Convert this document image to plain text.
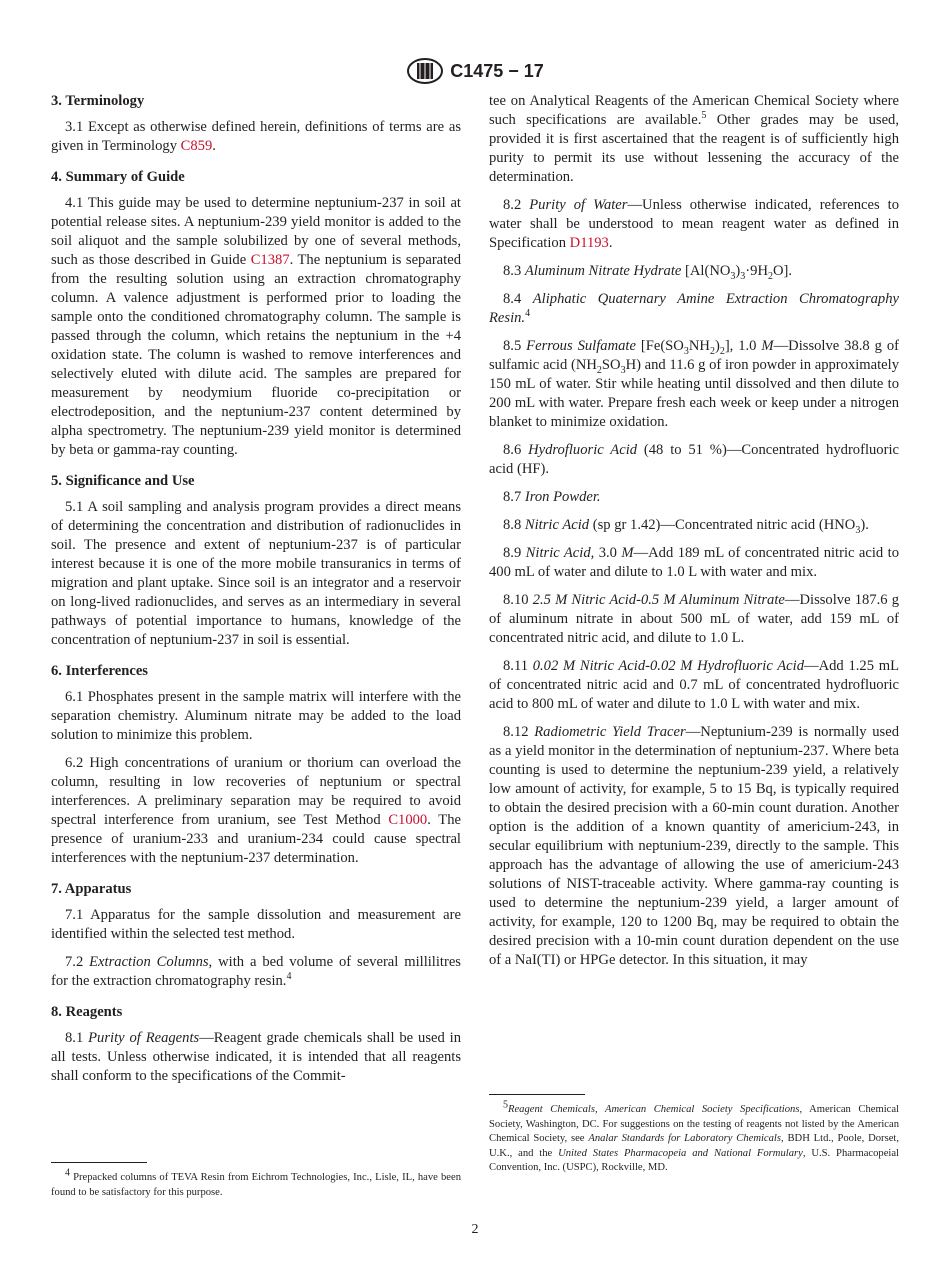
C1475 − 17
3. Terminology

3.1 Except as otherwise defined herein, definitions of terms are as given in Terminology C859.

4. Summary of Guide

4.1 This guide may be used to determine neptunium-237 in soil at potential release sites. A neptunium-239 yield monitor is added to the soil aliquot and the sample solubilized by one of several methods, such as those described in Guide C1387. The neptunium is separated from the resulting solution using an extraction chromatography column. A valence adjustment is performed prior to loading the sample onto the conditioned chromatography column. The sample is passed through the column, which retains the neptunium in the +4 oxidation state. The column is washed to remove interferences and selectively eluted with dilute acid. The samples are prepared for measurement by neodymium fluoride co-precipitation or electrodeposition, and the neptunium-237 content determined by alpha spectrometry. The neptunium-239 yield monitor is determined by beta or gamma-ray counting.

5. Significance and Use

5.1 A soil sampling and analysis program provides a direct means of determining the concentration and distribution of radionuclides in soil. The presence and extent of neptunium-237 is of particular interest because it is one of the more mobile transuranics in terms of migration and plant uptake. Since soil is an integrator and a reservoir on long-lived radionuclides, and serves as an intermediary in several pathways of potential importance to humans, knowledge of the concentration of neptunium-237 in soil is essential.

6. Interferences

6.1 Phosphates present in the sample matrix will interfere with the separation chemistry. Aluminum nitrate may be added to the load solution to minimize this problem.

6.2 High concentrations of uranium or thorium can overload the column, resulting in low recoveries of neptunium or spectral interferences. A preliminary separation may be required to avoid spectral interference from uranium, see Test Method C1000. The presence of uranium-233 and uranium-234 could cause spectral interferences with the neptunium-237 determination.

7. Apparatus

7.1 Apparatus for the sample dissolution and measurement are identified within the selected test method.

7.2 Extraction Columns, with a bed volume of several millilitres for the extraction chromatography resin.$^4$

8. Reagents

8.1 Purity of Reagents—Reagent grade chemicals shall be used in all tests. Unless otherwise indicated, it is intended that all reagents shall conform to the specifications of the Commit-

tee on Analytical Reagents of the American Chemical Society where such specifications are available.$^5$ Other grades may be used, provided it is first ascertained that the reagent is of sufficiently high purity to permit its use without lessening the accuracy of the determination.

8.2 Purity of Water—Unless otherwise indicated, references to water shall be understood to mean reagent water as defined in Specification D1193.

8.3 Aluminum Nitrate Hydrate $[Al(NO_3)_3\cdot 9H_2O]$.

8.4 Aliphatic Quaternary Amine Extraction Chromatography Resin.$^4$

8.5 Ferrous Sulfamate $[Fe(SO_3NH_2)_2]$, 1.0 M—Dissolve 38.8 g of sulfamic acid $(NH_2SO_3H)$ and 11.6 g of iron powder in approximately 150 mL of water. Stir while heating until dissolved and then dilute to 200 mL with water. Prepare fresh each week or keep under a nitrogen blanket to minimize oxidation.

8.6 Hydrofluoric Acid (48 to 51 %)—Concentrated hydrofluoric acid (HF).

8.7 Iron Powder.

8.8 Nitric Acid (sp gr 1.42)—Concentrated nitric acid $(HNO_3)$.

8.9 Nitric Acid, 3.0 M—Add 189 mL of concentrated nitric acid to 400 mL of water and dilute to 1.0 L with water and mix.

8.10 2.5 M Nitric Acid-0.5 M Aluminum Nitrate—Dissolve 187.6 g of aluminum nitrate in about 500 mL of water, add 159 mL of concentrated nitric acid, and dilute to 1.0 L.

8.11 0.02 M Nitric Acid-0.02 M Hydrofluoric Acid—Add 1.25 mL of concentrated nitric acid and 0.7 mL of concentrated hydrofluoric acid to 800 mL of water and dilute to 1.0 L with water and mix.

8.12 Radiometric Yield Tracer—Neptunium-239 is normally used as a yield monitor in the determination of neptunium-237. Where beta counting is used to determine the neptunium-239 yield, a relatively low amount of activity, for example, 5 to 15 Bq, is typically required to obtain the desired precision with a 60-min count duration. Another option is the addition of a known quantity of americium-243, in secular equilibrium with neptunium-239, directly to the sample. This approach has the advantage of allowing the use of americium-243 solutions of NIST-traceable activity. Where gamma-ray counting is used to determine the neptunium-239 yield, a larger amount of activity, for example, 120 to 1200 Bq, may be required to obtain the desired precision with a 10-min count duration dependent on the use of a NaI(TI) or HPGe detector. In this situation, it may

$^4$ Prepacked columns of TEVA Resin from Eichrom Technologies, Inc., Lisle, IL, have been found to be satisfactory for this purpose.

$^5$Reagent Chemicals, American Chemical Society Specifications, American Chemical Society, Washington, DC. For suggestions on the testing of reagents not listed by the American Chemical Society, see Analar Standards for Laboratory Chemicals, BDH Ltd., Poole, Dorset, U.K., and the United States Pharmacopeia and National Formulary, U.S. Pharmacopeial Convention, Inc. (USPC), Rockville, MD.

2
